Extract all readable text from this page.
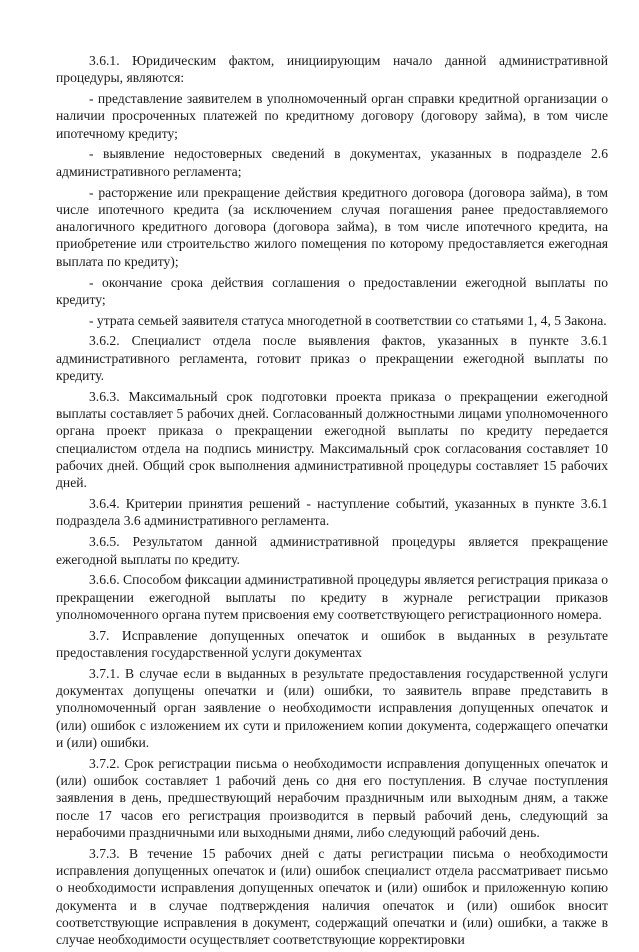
3.6.1. Юридическим фактом, инициирующим начало данной административной процедуры, являются:

- представление заявителем в уполномоченный орган справки кредитной организации о наличии просроченных платежей по кредитному договору (договору займа), в том числе ипотечному кредиту;

- выявление недостоверных сведений в документах, указанных в подразделе 2.6 административного регламента;

- расторжение или прекращение действия кредитного договора (договора займа), в том числе ипотечного кредита (за исключением случая погашения ранее предоставляемого аналогичного кредитного договора (договора займа), в том числе ипотечного кредита, на приобретение или строительство жилого помещения по которому предоставляется ежегодная выплата по кредиту);

- окончание срока действия соглашения о предоставлении ежегодной выплаты по кредиту;

- утрата семьей заявителя статуса многодетной в соответствии со статьями 1, 4, 5 Закона.

3.6.2. Специалист отдела после выявления фактов, указанных в пункте 3.6.1 административного регламента, готовит приказ о прекращении ежегодной выплаты по кредиту.

3.6.3. Максимальный срок подготовки проекта приказа о прекращении ежегодной выплаты составляет 5 рабочих дней. Согласованный должностными лицами уполномоченного органа проект приказа о прекращении ежегодной выплаты по кредиту передается специалистом отдела на подпись министру. Максимальный срок согласования составляет 10 рабочих дней. Общий срок выполнения административной процедуры составляет 15 рабочих дней.

3.6.4. Критерии принятия решений - наступление событий, указанных в пункте 3.6.1 подраздела 3.6 административного регламента.

3.6.5. Результатом данной административной процедуры является прекращение ежегодной выплаты по кредиту.

3.6.6. Способом фиксации административной процедуры является регистрация приказа о прекращении ежегодной выплаты по кредиту в журнале регистрации приказов уполномоченного органа путем присвоения ему соответствующего регистрационного номера.

3.7. Исправление допущенных опечаток и ошибок в выданных в результате предоставления государственной услуги документах

3.7.1. В случае если в выданных в результате предоставления государственной услуги документах допущены опечатки и (или) ошибки, то заявитель вправе представить в уполномоченный орган заявление о необходимости исправления допущенных опечаток и (или) ошибок с изложением их сути и приложением копии документа, содержащего опечатки и (или) ошибки.

3.7.2. Срок регистрации письма о необходимости исправления допущенных опечаток и (или) ошибок составляет 1 рабочий день со дня его поступления. В случае поступления заявления в день, предшествующий нерабочим праздничным или выходным дням, а также после 17 часов его регистрация производится в первый рабочий день, следующий за нерабочими праздничными или выходными днями, либо следующий рабочий день.

3.7.3. В течение 15 рабочих дней с даты регистрации письма о необходимости исправления допущенных опечаток и (или) ошибок специалист отдела рассматривает письмо о необходимости исправления допущенных опечаток и (или) ошибок и приложенную копию документа и в случае подтверждения наличия опечаток и (или) ошибок вносит соответствующие исправления в документ, содержащий опечатки и (или) ошибки, а также в случае необходимости осуществляет соответствующие корректировки
